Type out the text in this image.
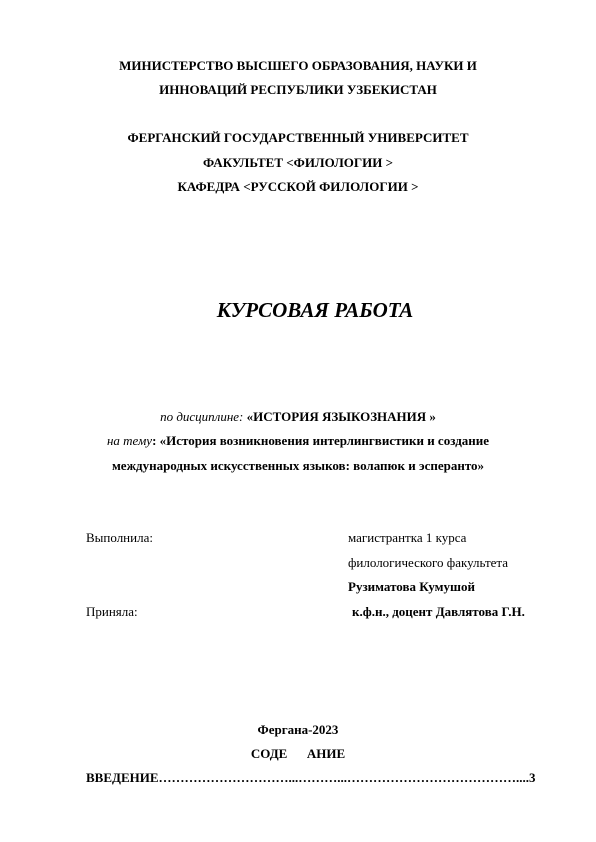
МИНИСТЕРСТВО ВЫСШЕГО ОБРАЗОВАНИЯ, НАУКИ И
ИННОВАЦИЙ РЕСПУБЛИКИ УЗБЕКИСТАН
ФЕРГАНСКИЙ ГОСУДАРСТВЕННЫЙ УНИВЕРСИТЕТ
ФАКУЛЬТЕТ <ФИЛОЛОГИИ >
КАФЕДРА <РУССКОЙ ФИЛОЛОГИИ >
КУРСОВАЯ РАБОТА
по дисциплине: «ИСТОРИЯ ЯЗЫКОЗНАНИЯ »
на тему: «История возникновения интерлингвистики и создание
международных искусственных языков: волапюк и эсперанто»
Выполнила:	магистрантка 1 курса
филологического факультета
Рузиматова Кумушой
Приняла:	к.ф.н., доцент Давлятова Г.Н.
Фергана-2023
СОДЕ      АНИЕ
ВВЕДЕНИЕ…………………………...………...…………………………………....3
